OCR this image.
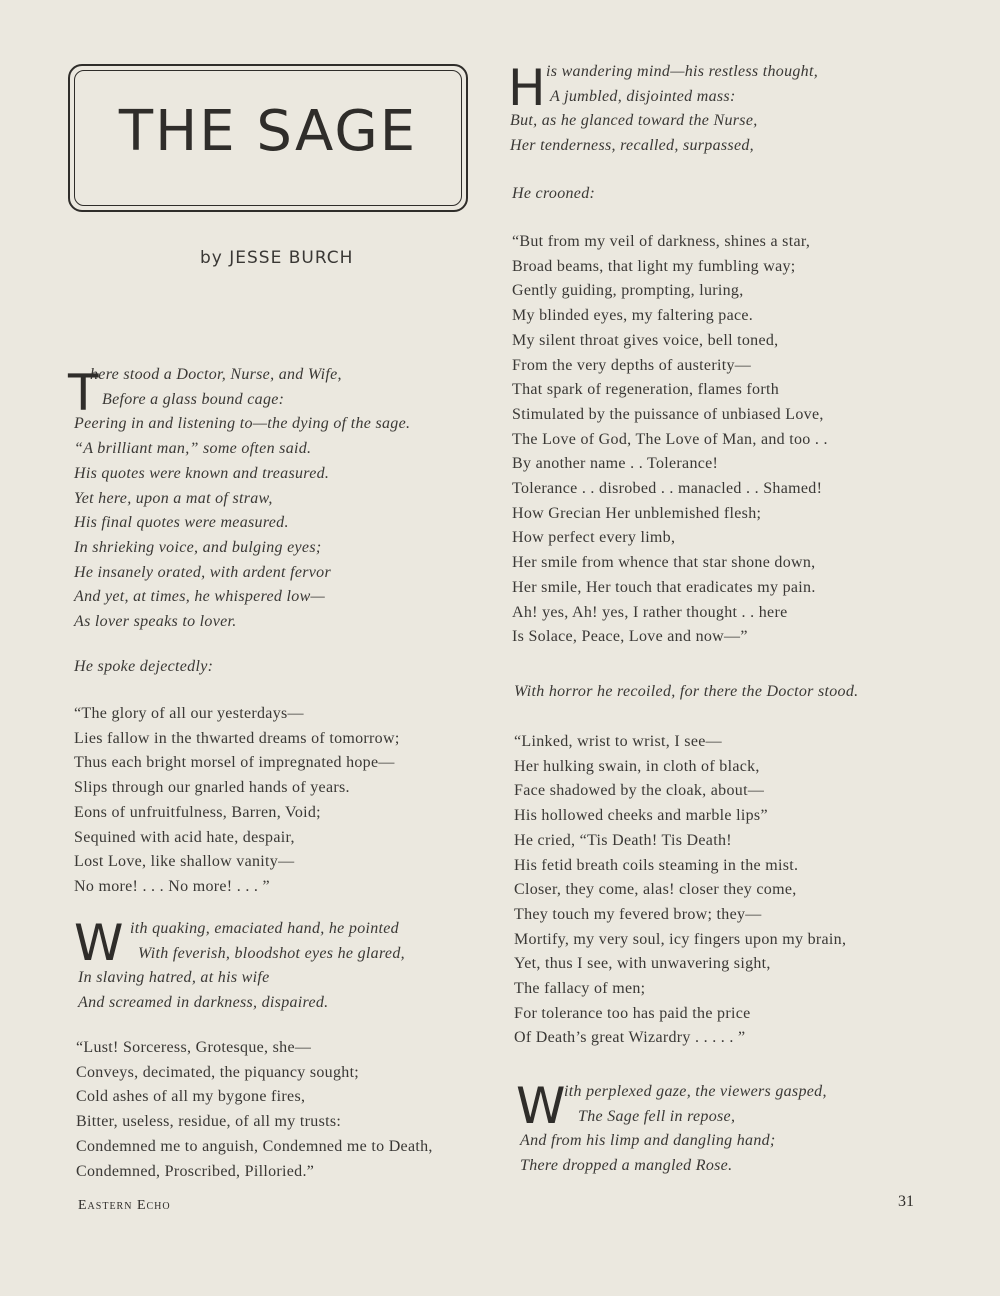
THE SAGE
by JESSE BURCH
T
here stood a Doctor, Nurse, and Wife,
Before a glass bound cage:
Peering in and listening to—the dying of the sage.
“A brilliant man,” some often said.
His quotes were known and treasured.
Yet here, upon a mat of straw,
His final quotes were measured.
In shrieking voice, and bulging eyes;
He insanely orated, with ardent fervor
And yet, at times, he whispered low—
As lover speaks to lover.
He spoke dejectedly:
“The glory of all our yesterdays—
Lies fallow in the thwarted dreams of tomorrow;
Thus each bright morsel of impregnated hope—
Slips through our gnarled hands of years.
Eons of unfruitfulness, Barren, Void;
Sequined with acid hate, despair,
Lost Love, like shallow vanity—
No more! . . . No more! . . . ”
W ith quaking, emaciated hand, he pointed
With feverish, bloodshot eyes he glared,
In slaving hatred, at his wife
And screamed in darkness, dispaired.
“Lust! Sorceress, Grotesque, she—
Conveys, decimated, the piquancy sought;
Cold ashes of all my bygone fires,
Bitter, useless, residue, of all my trusts:
Condemned me to anguish, Condemned me to Death,
Condemned, Proscribed, Pilloried.”
H is wandering mind—his restless thought,
A jumbled, disjointed mass:
But, as he glanced toward the Nurse,
Her tenderness, recalled, surpassed,
He crooned:
“But from my veil of darkness, shines a star,
Broad beams, that light my fumbling way;
Gently guiding, prompting, luring,
My blinded eyes, my faltering pace.
My silent throat gives voice, bell toned,
From the very depths of austerity—
That spark of regeneration, flames forth
Stimulated by the puissance of unbiased Love,
The Love of God, The Love of Man, and too . .
By another name . . Tolerance!
Tolerance . . disrobed . . manacled . . Shamed!
How Grecian Her unblemished flesh;
How perfect every limb,
Her smile from whence that star shone down,
Her smile, Her touch that eradicates my pain.
Ah! yes, Ah! yes, I rather thought . . here
Is Solace, Peace, Love and now—”
With horror he recoiled, for there the Doctor stood.
“Linked, wrist to wrist, I see—
Her hulking swain, in cloth of black,
Face shadowed by the cloak, about—
His hollowed cheeks and marble lips”
He cried, “Tis Death! Tis Death!
His fetid breath coils steaming in the mist.
Closer, they come, alas! closer they come,
They touch my fevered brow; they—
Mortify, my very soul, icy fingers upon my brain,
Yet, thus I see, with unwavering sight,
The fallacy of men;
For tolerance too has paid the price
Of Death’s great Wizardry . . . . . ”
W
ith perplexed gaze, the viewers gasped,
The Sage fell in repose,
And from his limp and dangling hand;
There dropped a mangled Rose.
Eastern Echo	31
